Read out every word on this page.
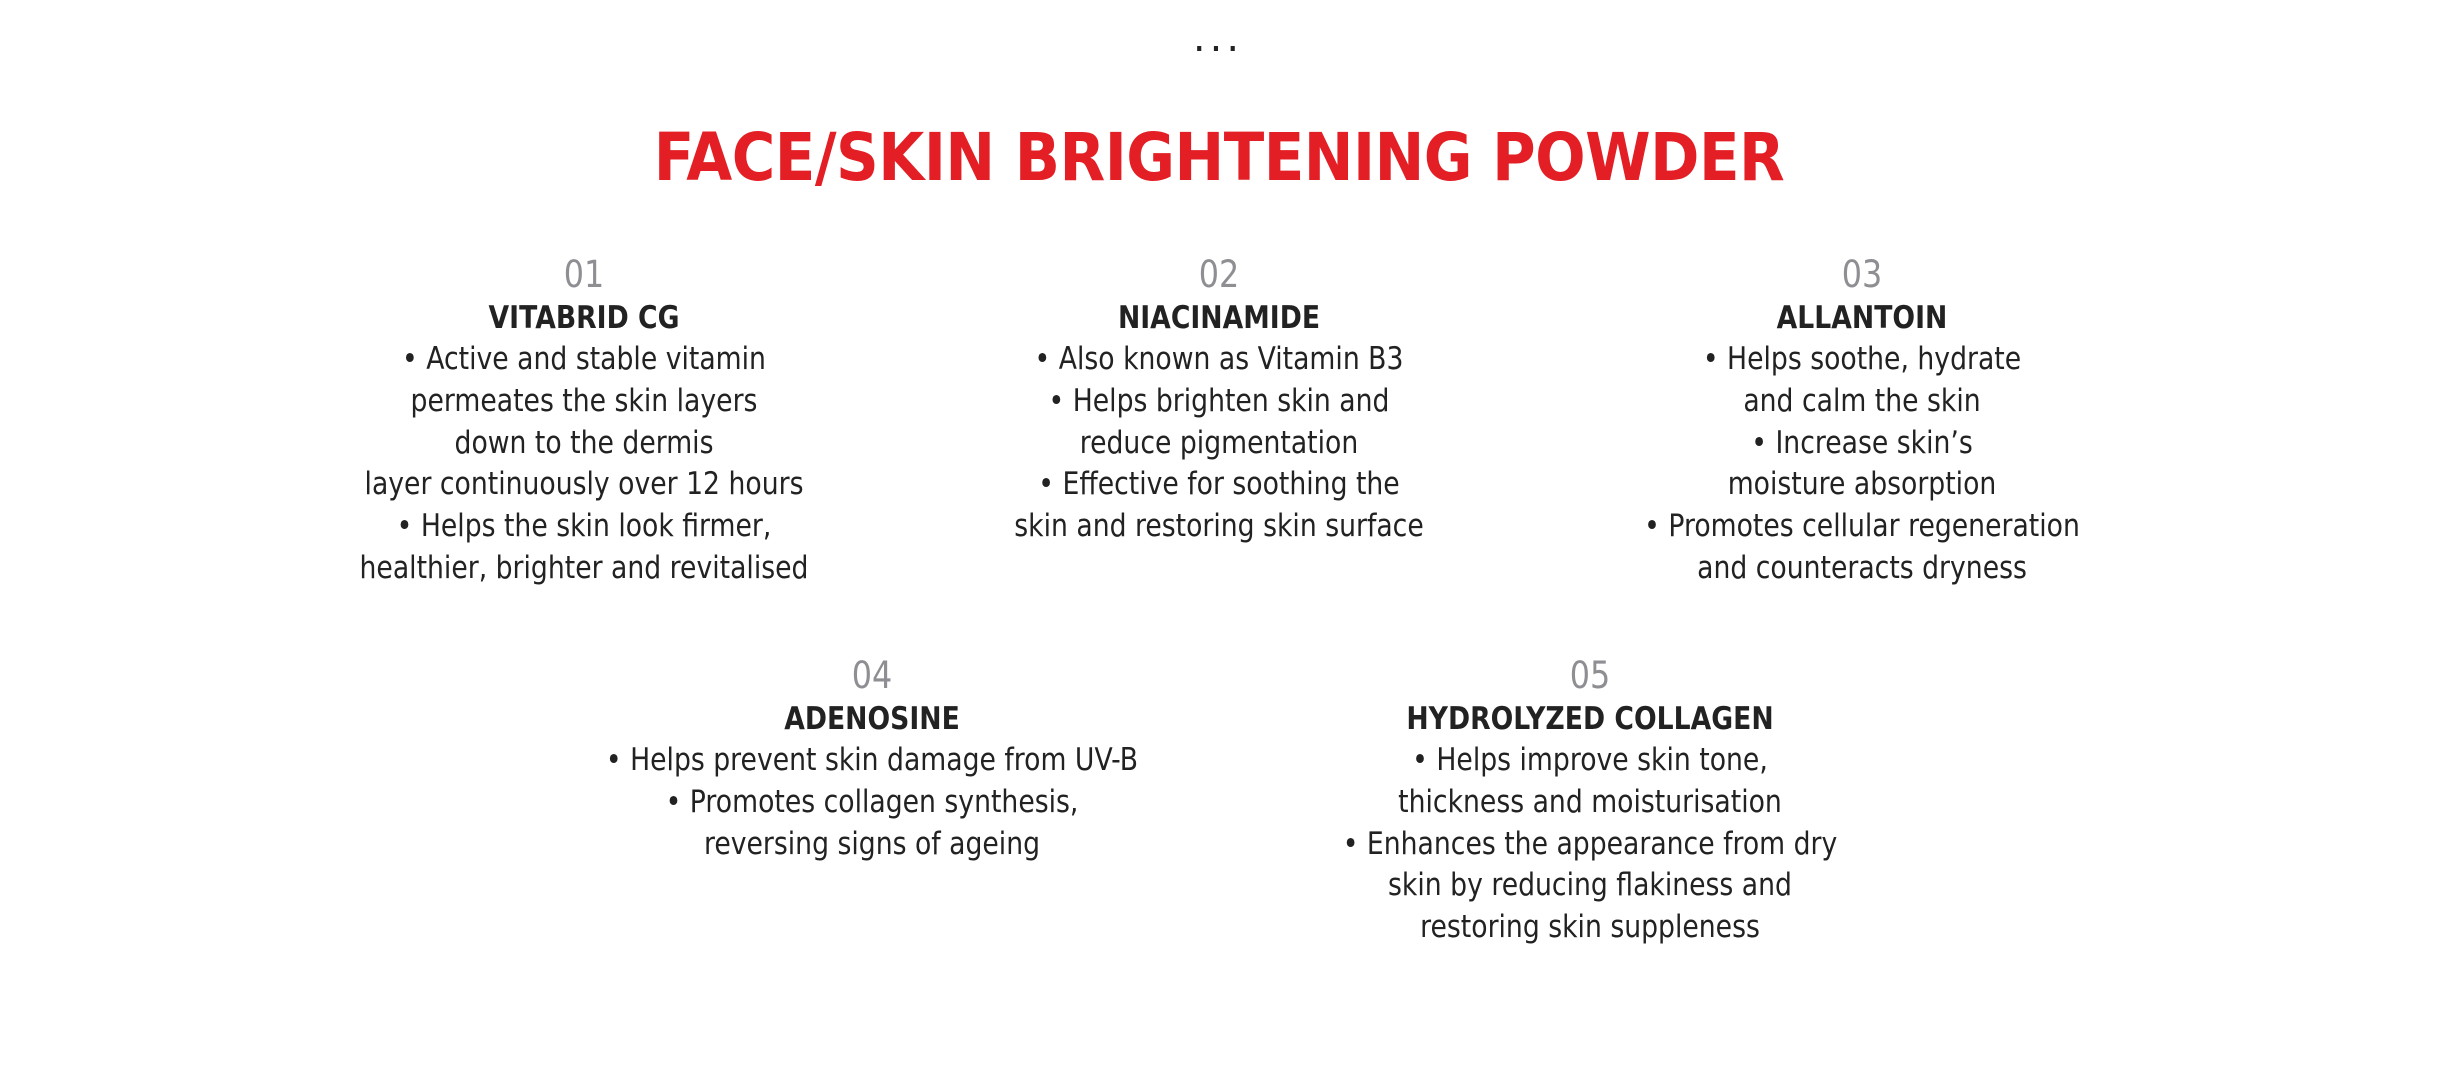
...
FACE/SKIN BRIGHTENING POWDER
01
VITABRID CG
• Active and stable vitamin
permeates the skin layers
down to the dermis
layer continuously over 12 hours
• Helps the skin look firmer,
healthier, brighter and revitalised
02
NIACINAMIDE
• Also known as Vitamin B3
• Helps brighten skin and
reduce pigmentation
• Effective for soothing the
skin and restoring skin surface
03
ALLANTOIN
• Helps soothe, hydrate
and calm the skin
• Increase skin’s
moisture absorption
• Promotes cellular regeneration
and counteracts dryness
04
ADENOSINE
• Helps prevent skin damage from UV-B
• Promotes collagen synthesis,
reversing signs of ageing
05
HYDROLYZED COLLAGEN
• Helps improve skin tone,
thickness and moisturisation
• Enhances the appearance from dry
skin by reducing flakiness and
restoring skin suppleness
